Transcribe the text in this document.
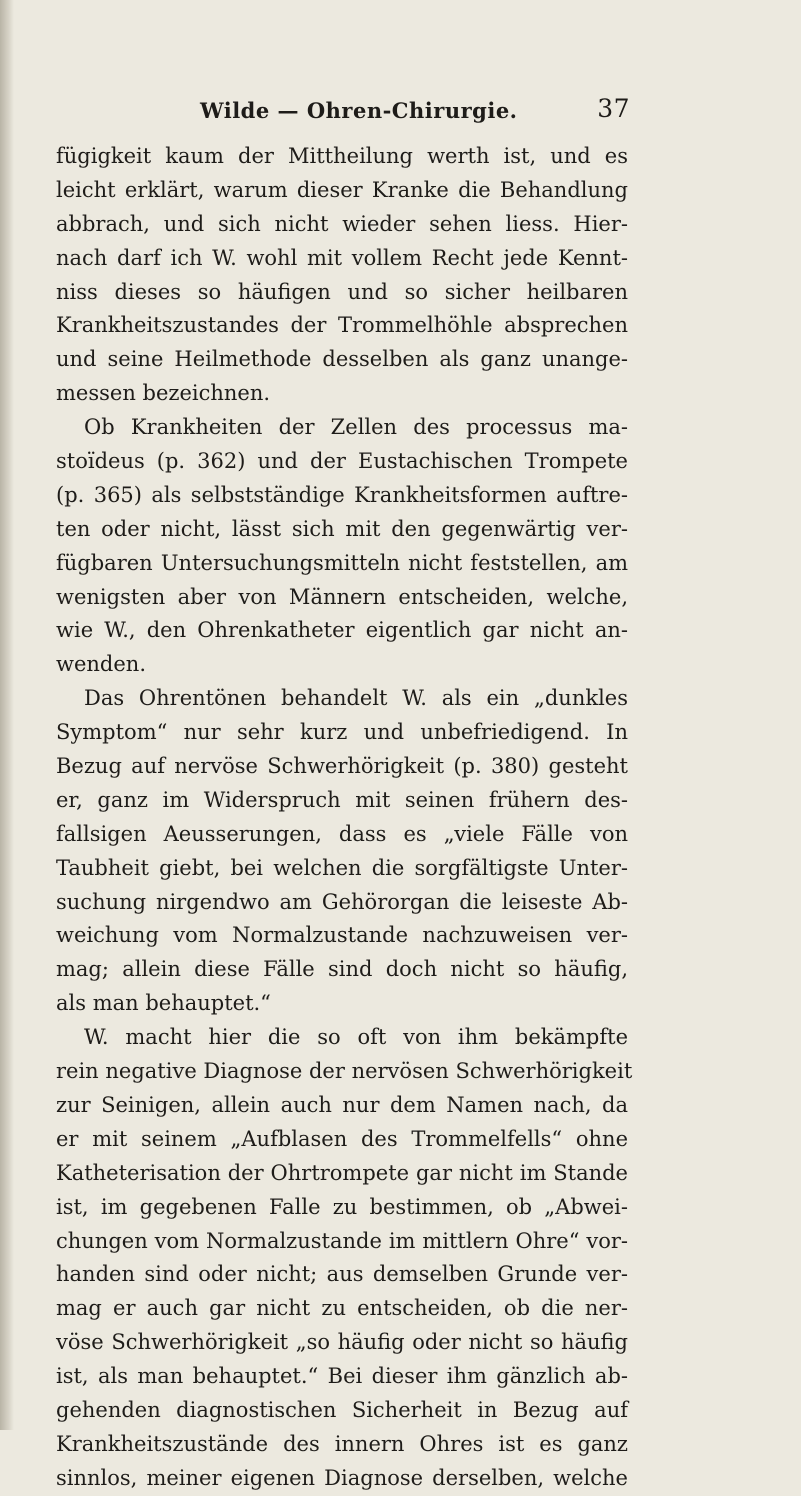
Wilde — Ohren-Chirurgie.	37
fügigkeit kaum der Mittheilung werth ist, und es
leicht erklärt, warum dieser Kranke die Behandlung
abbrach, und sich nicht wieder sehen liess. Hier-
nach darf ich W. wohl mit vollem Recht jede Kennt-
niss dieses so häufigen und so sicher heilbaren
Krankheitszustandes der Trommelhöhle absprechen
und seine Heilmethode desselben als ganz unange-
messen bezeichnen.
Ob Krankheiten der Zellen des processus ma-
stoïdeus (p. 362) und der Eustachischen Trompete
(p. 365) als selbstständige Krankheitsformen auftre-
ten oder nicht, lässt sich mit den gegenwärtig ver-
fügbaren Untersuchungsmitteln nicht feststellen, am
wenigsten aber von Männern entscheiden, welche,
wie W., den Ohrenkatheter eigentlich gar nicht an-
wenden.
Das Ohrentönen behandelt W. als ein „dunkles
Symptom“ nur sehr kurz und unbefriedigend. In
Bezug auf nervöse Schwerhörigkeit (p. 380) gesteht
er, ganz im Widerspruch mit seinen frühern des-
fallsigen Aeusserungen, dass es „viele Fälle von
Taubheit giebt, bei welchen die sorgfältigste Unter-
suchung nirgendwo am Gehörorgan die leiseste Ab-
weichung vom Normalzustande nachzuweisen ver-
mag; allein diese Fälle sind doch nicht so häufig,
als man behauptet.“
W. macht hier die so oft von ihm bekämpfte
rein negative Diagnose der nervösen Schwerhörigkeit
zur Seinigen, allein auch nur dem Namen nach, da
er mit seinem „Aufblasen des Trommelfells“ ohne
Katheterisation der Ohrtrompete gar nicht im Stande
ist, im gegebenen Falle zu bestimmen, ob „Abwei-
chungen vom Normalzustande im mittlern Ohre“ vor-
handen sind oder nicht; aus demselben Grunde ver-
mag er auch gar nicht zu entscheiden, ob die ner-
vöse Schwerhörigkeit „so häufig oder nicht so häufig
ist, als man behauptet.“ Bei dieser ihm gänzlich ab-
gehenden diagnostischen Sicherheit in Bezug auf
Krankheitszustände des innern Ohres ist es ganz
sinnlos, meiner eigenen Diagnose derselben, welche
